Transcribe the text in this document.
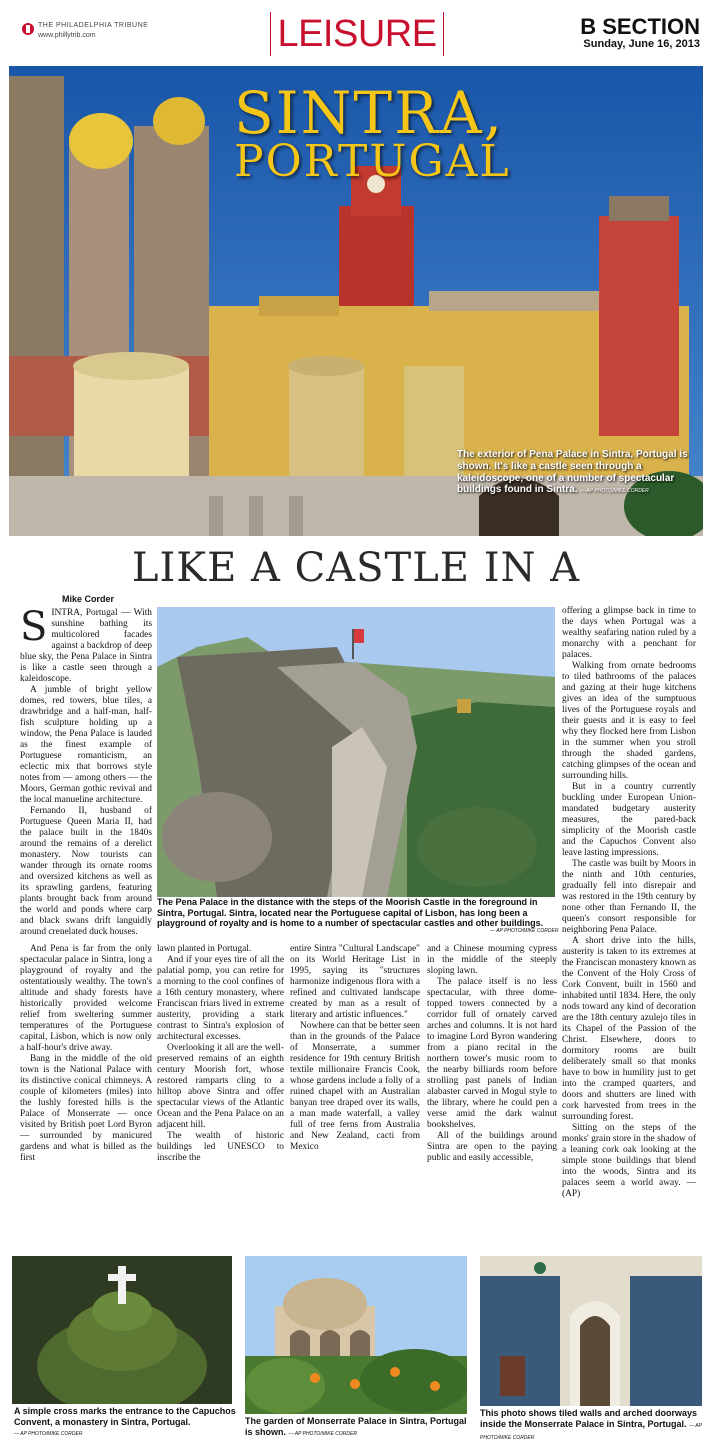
THE PHILADELPHIA TRIBUNE
www.phillytrib.com	LEISURE	B SECTION
Sunday, June 16, 2013
SINTRA,
PORTUGAL
The exterior of Pena Palace in Sintra, Portugal is shown. It's like a castle seen through a kaleidoscope, one of a number of spectacular buildings found in Sintra. — AP PHOTO/MIKE CORDER
LIKE A CASTLE IN A
Mike Corder

SINTRA, Portugal — With sunshine bathing its multicolored facades against a backdrop of deep blue sky, the Pena Palace in Sintra is like a castle seen through a kaleidoscope.

A jumble of bright yellow domes, red towers, blue tiles, a drawbridge and a half-man, half-fish sculpture holding up a window, the Pena Palace is lauded as the finest example of Portuguese romanticism, an eclectic mix that borrows style notes from — among others — the Moors, German gothic revival and the local manueline architecture.

Fernando II, husband of Portuguese Queen Maria II, had the palace built in the 1840s around the remains of a derelict monastery. Now tourists can wander through its ornate rooms and oversized kitchens as well as its sprawling gardens, featuring plants brought back from around the world and ponds where carp and black swans drift languidly around crenelated duck houses.

And Pena is far from the only spectacular palace in Sintra, long a playground of royalty and the ostentatiously wealthy. The town's altitude and shady forests have historically provided welcome relief from sweltering summer temperatures of the Portuguese capital, Lisbon, which is now only a half-hour's drive away.

Bang in the middle of the old town is the National Palace with its distinctive conical chimneys. A couple of kilometers (miles) into the lushly forested hills is the Palace of Monserrate — once visited by British poet Lord Byron — surrounded by manicured gardens and what is billed as the first

The Pena Palace in the distance with the steps of the Moorish Castle in the foreground in Sintra, Portugal. Sintra, located near the Portuguese capital of Lisbon, has long been a playground of royalty and is home to a number of spectacular castles and other buildings.
— AP PHOTO/MIKE CORDER

lawn planted in Portugal.

And if your eyes tire of all the palatial pomp, you can retire for a morning to the cool confines of a 16th century monastery, where Franciscan friars lived in extreme austerity, providing a stark contrast to Sintra's explosion of architectural excesses.

Overlooking it all are the well-preserved remains of an eighth century Moorish fort, whose restored ramparts cling to a hilltop above Sintra and offer spectacular views of the Atlantic Ocean and the Pena Palace on an adjacent hill.

The wealth of historic buildings led UNESCO to inscribe the

entire Sintra "Cultural Landscape" on its World Heritage List in 1995, saying its "structures harmonize indigenous flora with a refined and cultivated landscape created by man as a result of literary and artistic influences."

Nowhere can that be better seen than in the grounds of the Palace of Monserrate, a summer residence for 19th century British textile millionaire Francis Cook, whose gardens include a folly of a ruined chapel with an Australian banyan tree draped over its walls, a man made waterfall, a valley full of tree ferns from Australia and New Zealand, cacti from Mexico

and a Chinese mourning cypress in the middle of the steeply sloping lawn.

The palace itself is no less spectacular, with three dome-topped towers connected by a corridor full of ornately carved arches and columns. It is not hard to imagine Lord Byron wandering from a piano recital in the northern tower's music room to the nearby billiards room before strolling past panels of Indian alabaster carved in Mogul style to the library, where he could pen a verse amid the dark walnut bookshelves.

All of the buildings around Sintra are open to the paying public and easily accessible,

offering a glimpse back in time to the days when Portugal was a wealthy seafaring nation ruled by a monarchy with a penchant for palaces.

Walking from ornate bedrooms to tiled bathrooms of the palaces and gazing at their huge kitchens gives an idea of the sumptuous lives of the Portuguese royals and their guests and it is easy to feel why they flocked here from Lisbon in the summer when you stroll through the shaded gardens, catching glimpses of the ocean and surrounding hills.

But in a country currently buckling under European Union-mandated budgetary austerity measures, the pared-back simplicity of the Moorish castle and the Capuchos Convent also leave lasting impressions.

The castle was built by Moors in the ninth and 10th centuries, gradually fell into disrepair and was restored in the 19th century by none other than Fernando II, the queen's consort responsible for neighboring Pena Palace.

A short drive into the hills, austerity is taken to its extremes at the Franciscan monastery known as the Convent of the Holy Cross of Cork Convent, built in 1560 and inhabited until 1834. Here, the only nods toward any kind of decoration are the 18th century azulejo tiles in its Chapel of the Passion of the Christ. Elsewhere, doors to dormitory rooms are built deliberately small so that monks have to bow in humility just to get into the cramped quarters, and doors and shutters are lined with cork harvested from trees in the surrounding forest.

Sitting on the steps of the monks' grain store in the shadow of a leaning cork oak looking at the simple stone buildings that blend into the woods, Sintra and its palaces seem a world away. — (AP)

A simple cross marks the entrance to the Capuchos Convent, a monastery in Sintra, Portugal.
— AP PHOTO/MIKE CORDER
The garden of Monserrate Palace in Sintra, Portugal is shown. — AP PHOTO/MIKE CORDER
This photo shows tiled walls and arched doorways inside the Monserrate Palace in Sintra, Portugal. — AP PHOTO/MIKE CORDER
